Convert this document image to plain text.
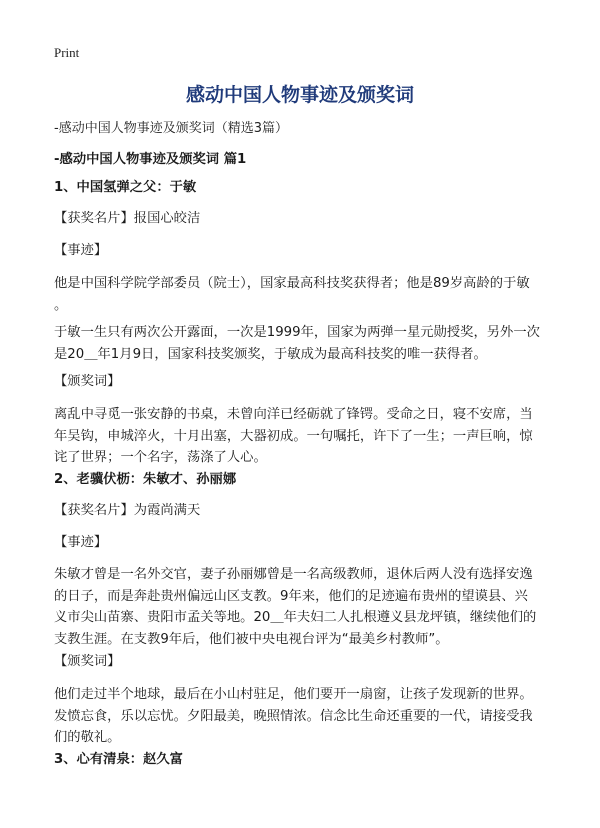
Print
感动中国人物事迹及颁奖词
-感动中国人物事迹及颁奖词（精选3篇）
-感动中国人物事迹及颁奖词 篇1
1、中国氢弹之父：于敏
【获奖名片】报国心皎洁
【事迹】
他是中国科学院学部委员（院士），国家最高科技奖获得者；他是89岁高龄的于敏
。
于敏一生只有两次公开露面，一次是1999年，国家为两弹一星元勋授奖，另外一次
是20＿年1月9日，国家科技奖颁奖，于敏成为最高科技奖的唯一获得者。
【颁奖词】
离乱中寻觅一张安静的书桌，未曾向洋已经砺就了锋锷。受命之日，寝不安席，当
年吴钩，申城淬火，十月出塞，大器初成。一句嘱托，许下了一生；一声巨响，惊
诧了世界；一个名字，荡涤了人心。
2、老骥伏枥：朱敏才、孙丽娜
【获奖名片】为霞尚满天
【事迹】
朱敏才曾是一名外交官，妻子孙丽娜曾是一名高级教师，退休后两人没有选择安逸
的日子，而是奔赴贵州偏远山区支教。9年来，他们的足迹遍布贵州的望谟县、兴
义市尖山苗寨、贵阳市孟关等地。20＿年夫妇二人扎根遵义县龙坪镇，继续他们的
支教生涯。在支教9年后，他们被中央电视台评为“最美乡村教师”。
【颁奖词】
他们走过半个地球，最后在小山村驻足，他们要开一扇窗，让孩子发现新的世界。
发愤忘食，乐以忘忧。夕阳最美，晚照情浓。信念比生命还重要的一代，请接受我
们的敬礼。
3、心有清泉：赵久富
